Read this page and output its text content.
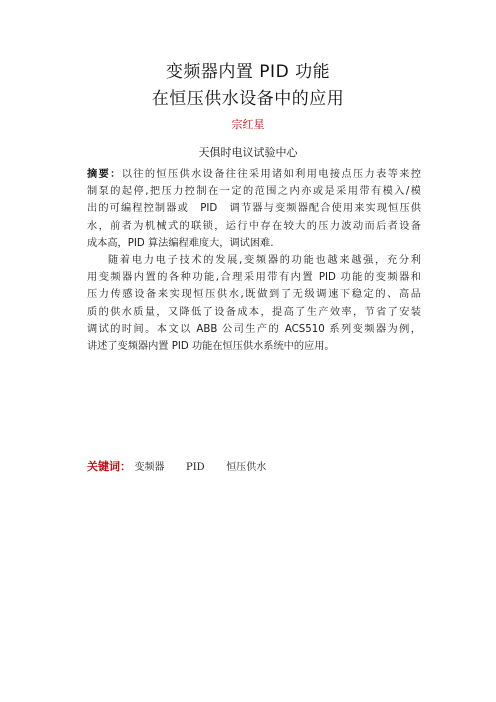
变频器内置 PID 功能
在恒压供水设备中的应用
宗红星
天俱时电议试验中心
摘要：以往的恒压供水设备往往采用诸如利用电接点压力表等来控
制泵的起停,把压力控制在一定的范围之内亦或是采用带有模入/模
出的可编程控制器或　PID　调节器与变频器配合使用来实现恒压供
水，前者为机械式的联锁，运行中存在较大的压力波动而后者设备
成本高，PID 算法编程难度大，调试困难.
随着电力电子技术的发展,变频器的功能也越来越强，充分利
用变频器内置的各种功能,合理采用带有内置 PID 功能的变频器和
压力传感设备来实现恒压供水,既做到了无级调速下稳定的、高品
质的供水质量，又降低了设备成本，提高了生产效率，节省了安装
调试的时间。本文以 ABB 公司生产的 ACS510 系列变频器为例，
讲述了变频器内置 PID 功能在恒压供水系统中的应用。
关键词： 变频器 PID 恒压供水
